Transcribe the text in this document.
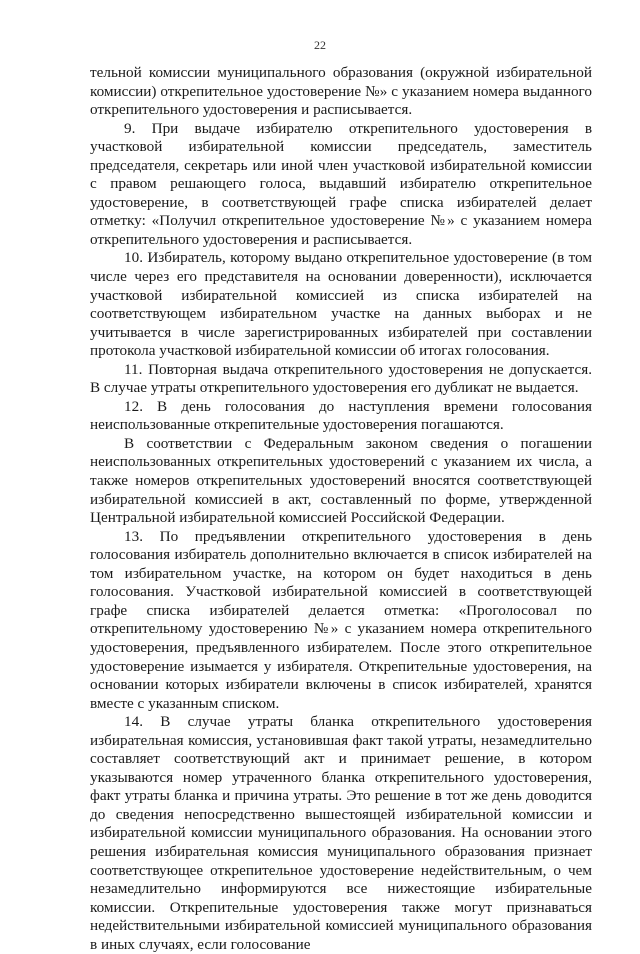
22

тельной комиссии муниципального образования (окружной избирательной комиссии) открепительное удостоверение №» с указанием номера выданного открепительного удостоверения и расписывается.

9. При выдаче избирателю открепительного удостоверения в участковой избирательной комиссии председатель, заместитель председателя, секретарь или иной член участковой избирательной комиссии с правом решающего голоса, выдавший избирателю открепительное удостоверение, в соответствующей графе списка избирателей делает отметку: «Получил открепительное удостоверение №» с указанием номера открепительного удостоверения и расписывается.

10. Избиратель, которому выдано открепительное удостоверение (в том числе через его представителя на основании доверенности), исключается участковой избирательной комиссией из списка избирателей на соответствующем избирательном участке на данных выборах и не учитывается в числе зарегистрированных избирателей при составлении протокола участковой избирательной комиссии об итогах голосования.

11. Повторная выдача открепительного удостоверения не допускается. В случае утраты открепительного удостоверения его дубликат не выдается.

12. В день голосования до наступления времени голосования неиспользованные открепительные удостоверения погашаются.

В соответствии с Федеральным законом сведения о погашении неиспользованных открепительных удостоверений с указанием их числа, а также номеров открепительных удостоверений вносятся соответствующей избирательной комиссией в акт, составленный по форме, утвержденной Центральной избирательной комиссией Российской Федерации.

13. По предъявлении открепительного удостоверения в день голосования избиратель дополнительно включается в список избирателей на том избирательном участке, на котором он будет находиться в день голосования. Участковой избирательной комиссией в соответствующей графе списка избирателей делается отметка: «Проголосовал по открепительному удостоверению №» с указанием номера открепительного удостоверения, предъявленного избирателем. После этого открепительное удостоверение изымается у избирателя. Открепительные удостоверения, на основании которых избиратели включены в список избирателей, хранятся вместе с указанным списком.

14. В случае утраты бланка открепительного удостоверения избирательная комиссия, установившая факт такой утраты, незамедлительно составляет соответствующий акт и принимает решение, в котором указываются номер утраченного бланка открепительного удостоверения, факт утраты бланка и причина утраты. Это решение в тот же день доводится до сведения непосредственно вышестоящей избирательной комиссии и избирательной комиссии муниципального образования. На основании этого решения избирательная комиссия муниципального образования признает соответствующее открепительное удостоверение недействительным, о чем незамедлительно информируются все нижестоящие избирательные комиссии. Открепительные удостоверения также могут признаваться недействительными избирательной комиссией муниципального образования в иных случаях, если голосование
